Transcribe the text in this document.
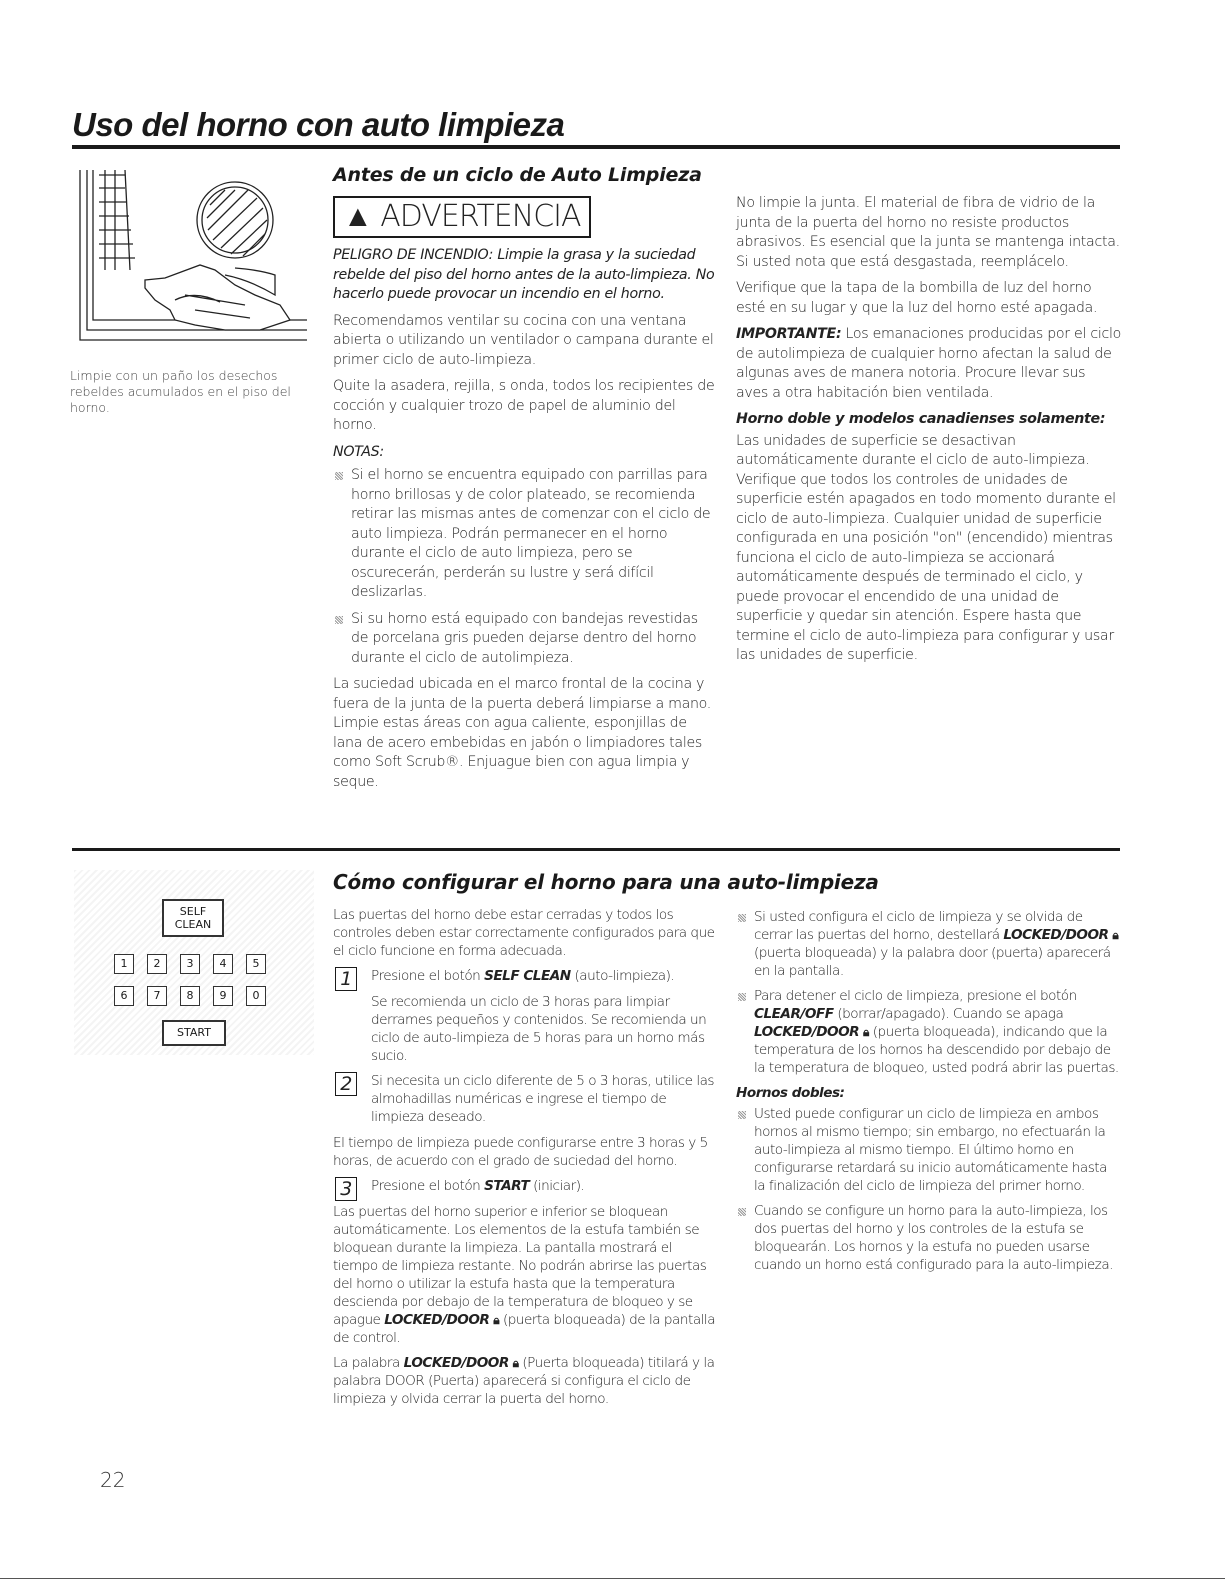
Uso del horno con auto limpieza
Limpie con un paño los desechos rebeldes acumulados en el piso del horno.
Antes de un ciclo de Auto Limpieza
▲ ADVERTENCIA

PELIGRO DE INCENDIO: Limpie la grasa y la suciedad rebelde del piso del horno antes de la auto-limpieza. No hacerlo puede provocar un incendio en el horno.

Recomendamos ventilar su cocina con una ventana abierta o utilizando un ventilador o campana durante el primer ciclo de auto-limpieza.

Quite la asadera, rejilla, s onda, todos los recipientes de cocción y cualquier trozo de papel de aluminio del horno.

NOTAS:

Si el horno se encuentra equipado con parrillas para horno brillosas y de color plateado, se recomienda retirar las mismas antes de comenzar con el ciclo de auto limpieza. Podrán permanecer en el horno durante el ciclo de auto limpieza, pero se oscurecerán, perderán su lustre y será difícil deslizarlas.
Si su horno está equipado con bandejas revestidas de porcelana gris pueden dejarse dentro del horno durante el ciclo de autolimpieza.

La suciedad ubicada en el marco frontal de la cocina y fuera de la junta de la puerta deberá limpiarse a mano. Limpie estas áreas con agua caliente, esponjillas de lana de acero embebidas en jabón o limpiadores tales como Soft Scrub®. Enjuague bien con agua limpia y seque.

No limpie la junta. El material de fibra de vidrio de la junta de la puerta del horno no resiste productos abrasivos. Es esencial que la junta se mantenga intacta. Si usted nota que está desgastada, reemplácelo.

Verifique que la tapa de la bombilla de luz del horno esté en su lugar y que la luz del horno esté apagada.

IMPORTANTE: Los emanaciones producidas por el ciclo de autolimpieza de cualquier horno afectan la salud de algunas aves de manera notoria. Procure llevar sus aves a otra habitación bien ventilada.

Horno doble y modelos canadienses solamente:

Las unidades de superficie se desactivan automáticamente durante el ciclo de auto-limpieza. Verifique que todos los controles de unidades de superficie estén apagados en todo momento durante el ciclo de auto-limpieza. Cualquier unidad de superficie configurada en una posición "on" (encendido) mientras funciona el ciclo de auto-limpieza se accionará automáticamente después de terminado el ciclo, y puede provocar el encendido de una unidad de superficie y quedar sin atención. Espere hasta que termine el ciclo de auto-limpieza para configurar y usar las unidades de superficie.

SELF CLEAN
1	2	3	4	5
6	7	8	9	0
START
Cómo configurar el horno para una auto-limpieza

Las puertas del horno debe estar cerradas y todos los controles deben estar correctamente configurados para que el ciclo funcione en forma adecuada.

1	Presione el botón SELF CLEAN (auto-limpieza).

Se recomienda un ciclo de 3 horas para limpiar derrames pequeños y contenidos. Se recomienda un ciclo de auto-limpieza de 5 horas para un horno más sucio.

2	Si necesita un ciclo diferente de 5 o 3 horas, utilice las almohadillas numéricas e ingrese el tiempo de limpieza deseado.

El tiempo de limpieza puede configurarse entre 3 horas y 5 horas, de acuerdo con el grado de suciedad del horno.

3	Presione el botón START (iniciar).

Las puertas del horno superior e inferior se bloquean automáticamente. Los elementos de la estufa también se bloquean durante la limpieza. La pantalla mostrará el tiempo de limpieza restante. No podrán abrirse las puertas del horno o utilizar la estufa hasta que la temperatura descienda por debajo de la temperatura de bloqueo y se apague LOCKED/DOOR 🔒︎ (puerta bloqueada) de la pantalla de control.

La palabra LOCKED/DOOR 🔒︎ (Puerta bloqueada) titilará y la palabra DOOR (Puerta) aparecerá si configura el ciclo de limpieza y olvida cerrar la puerta del horno.

Si usted configura el ciclo de limpieza y se olvida de cerrar las puertas del horno, destellará LOCKED/DOOR 🔒︎ (puerta bloqueada) y la palabra door (puerta) aparecerá en la pantalla.
Para detener el ciclo de limpieza, presione el botón CLEAR/OFF (borrar/apagado). Cuando se apaga LOCKED/DOOR 🔒︎ (puerta bloqueada), indicando que la temperatura de los hornos ha descendido por debajo de la temperatura de bloqueo, usted podrá abrir las puertas.

Hornos dobles:

Usted puede configurar un ciclo de limpieza en ambos hornos al mismo tiempo; sin embargo, no efectuarán la auto-limpieza al mismo tiempo. El último horno en configurarse retardará su inicio automáticamente hasta la finalización del ciclo de limpieza del primer horno.
Cuando se configure un horno para la auto-limpieza, los dos puertas del horno y los controles de la estufa se bloquearán. Los hornos y la estufa no pueden usarse cuando un horno está configurado para la auto-limpieza.
22
